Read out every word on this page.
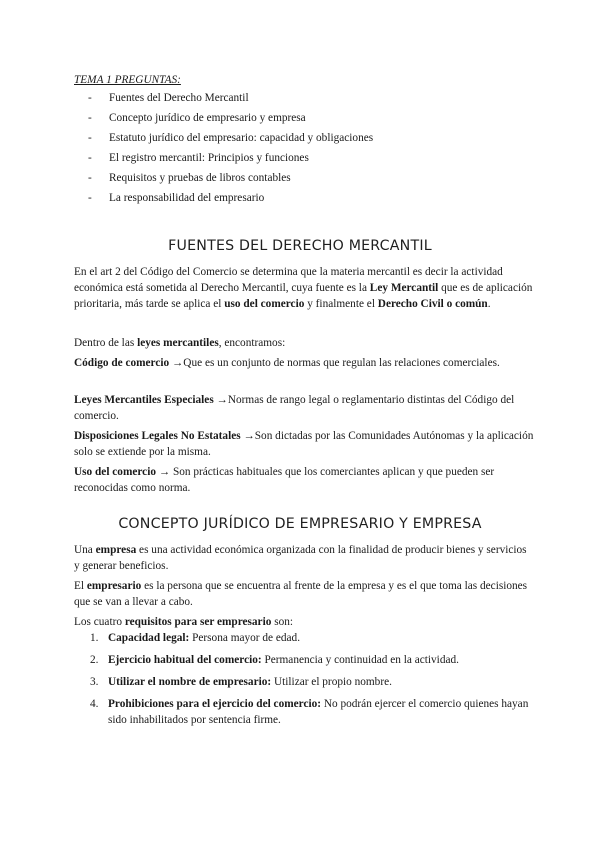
TEMA 1 PREGUNTAS:
- Fuentes del Derecho Mercantil
- Concepto jurídico de empresario y empresa
- Estatuto jurídico del empresario: capacidad y obligaciones
- El registro mercantil: Principios y funciones
- Requisitos y pruebas de libros contables
- La responsabilidad del empresario
FUENTES DEL DERECHO MERCANTIL

En el art 2 del Código del Comercio se determina que la materia mercantil es decir la actividad económica está sometida al Derecho Mercantil, cuya fuente es la Ley Mercantil que es de aplicación prioritaria, más tarde se aplica el uso del comercio y finalmente el Derecho Civil o común.

Dentro de las leyes mercantiles, encontramos:

Código de comercio →Que es un conjunto de normas que regulan las relaciones comerciales.

Leyes Mercantiles Especiales →Normas de rango legal o reglamentario distintas del Código del comercio.

Disposiciones Legales No Estatales →Son dictadas por las Comunidades Autónomas y la aplicación solo se extiende por la misma.

Uso del comercio → Son prácticas habituales que los comerciantes aplican y que pueden ser reconocidas como norma.

CONCEPTO JURÍDICO DE EMPRESARIO Y EMPRESA

Una empresa es una actividad económica organizada con la finalidad de producir bienes y servicios y generar beneficios.

El empresario es la persona que se encuentra al frente de la empresa y es el que toma las decisiones que se van a llevar a cabo.

Los cuatro requisitos para ser empresario son:

1. Capacidad legal: Persona mayor de edad.
2. Ejercicio habitual del comercio: Permanencia y continuidad en la actividad.
3. Utilizar el nombre de empresario: Utilizar el propio nombre.
4. Prohibiciones para el ejercicio del comercio: No podrán ejercer el comercio quienes hayan sido inhabilitados por sentencia firme.
